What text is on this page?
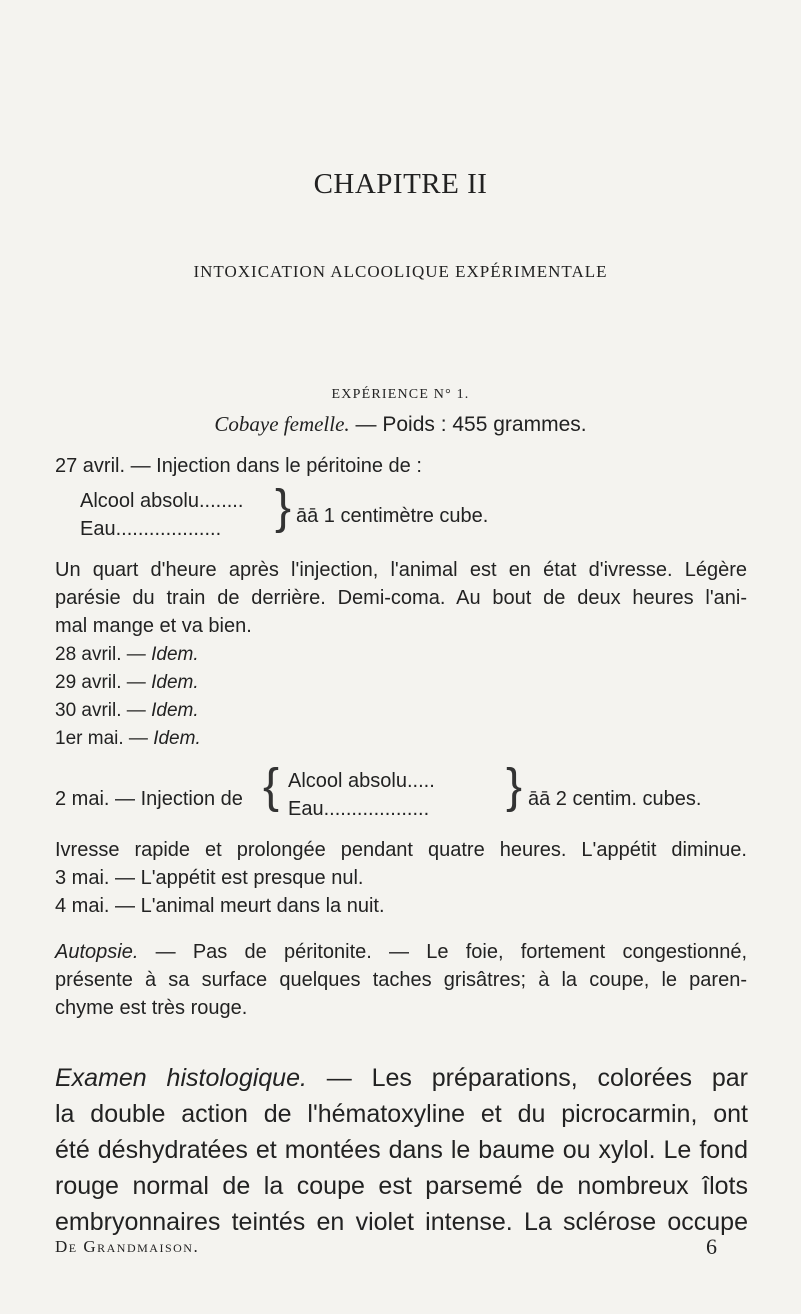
CHAPITRE II
INTOXICATION ALCOOLIQUE EXPÉRIMENTALE
EXPÉRIENCE N° 1.
Cobaye femelle. — Poids : 455 grammes.
27 avril. — Injection dans le péritoine de :
Alcool absolu........
Eau................... } āā 1 centimètre cube.
Un quart d'heure après l'injection, l'animal est en état d'ivresse. Légère
parésie du train de derrière. Demi-coma. Au bout de deux heures l'ani-
mal mange et va bien.
28 avril. — Idem.
29 avril. — Idem.
30 avril. — Idem.
1er mai. — Idem.
2 mai. — Injection de { Alcool absolu.....
Eau................... } āā 2 centim. cubes.
Ivresse rapide et prolongée pendant quatre heures. L'appétit diminue.
3 mai. — L'appétit est presque nul.
4 mai. — L'animal meurt dans la nuit.
Autopsie. — Pas de péritonite. — Le foie, fortement congestionné,
présente à sa surface quelques taches grisâtres; à la coupe, le paren-
chyme est très rouge.
Examen histologique. — Les préparations, colorées par
la double action de l'hématoxyline et du picrocarmin, ont
été déshydratées et montées dans le baume ou xylol. Le fond
rouge normal de la coupe est parsemé de nombreux îlots
embryonnaires teintés en violet intense. La sclérose occupe
De Grandmaison.	6
